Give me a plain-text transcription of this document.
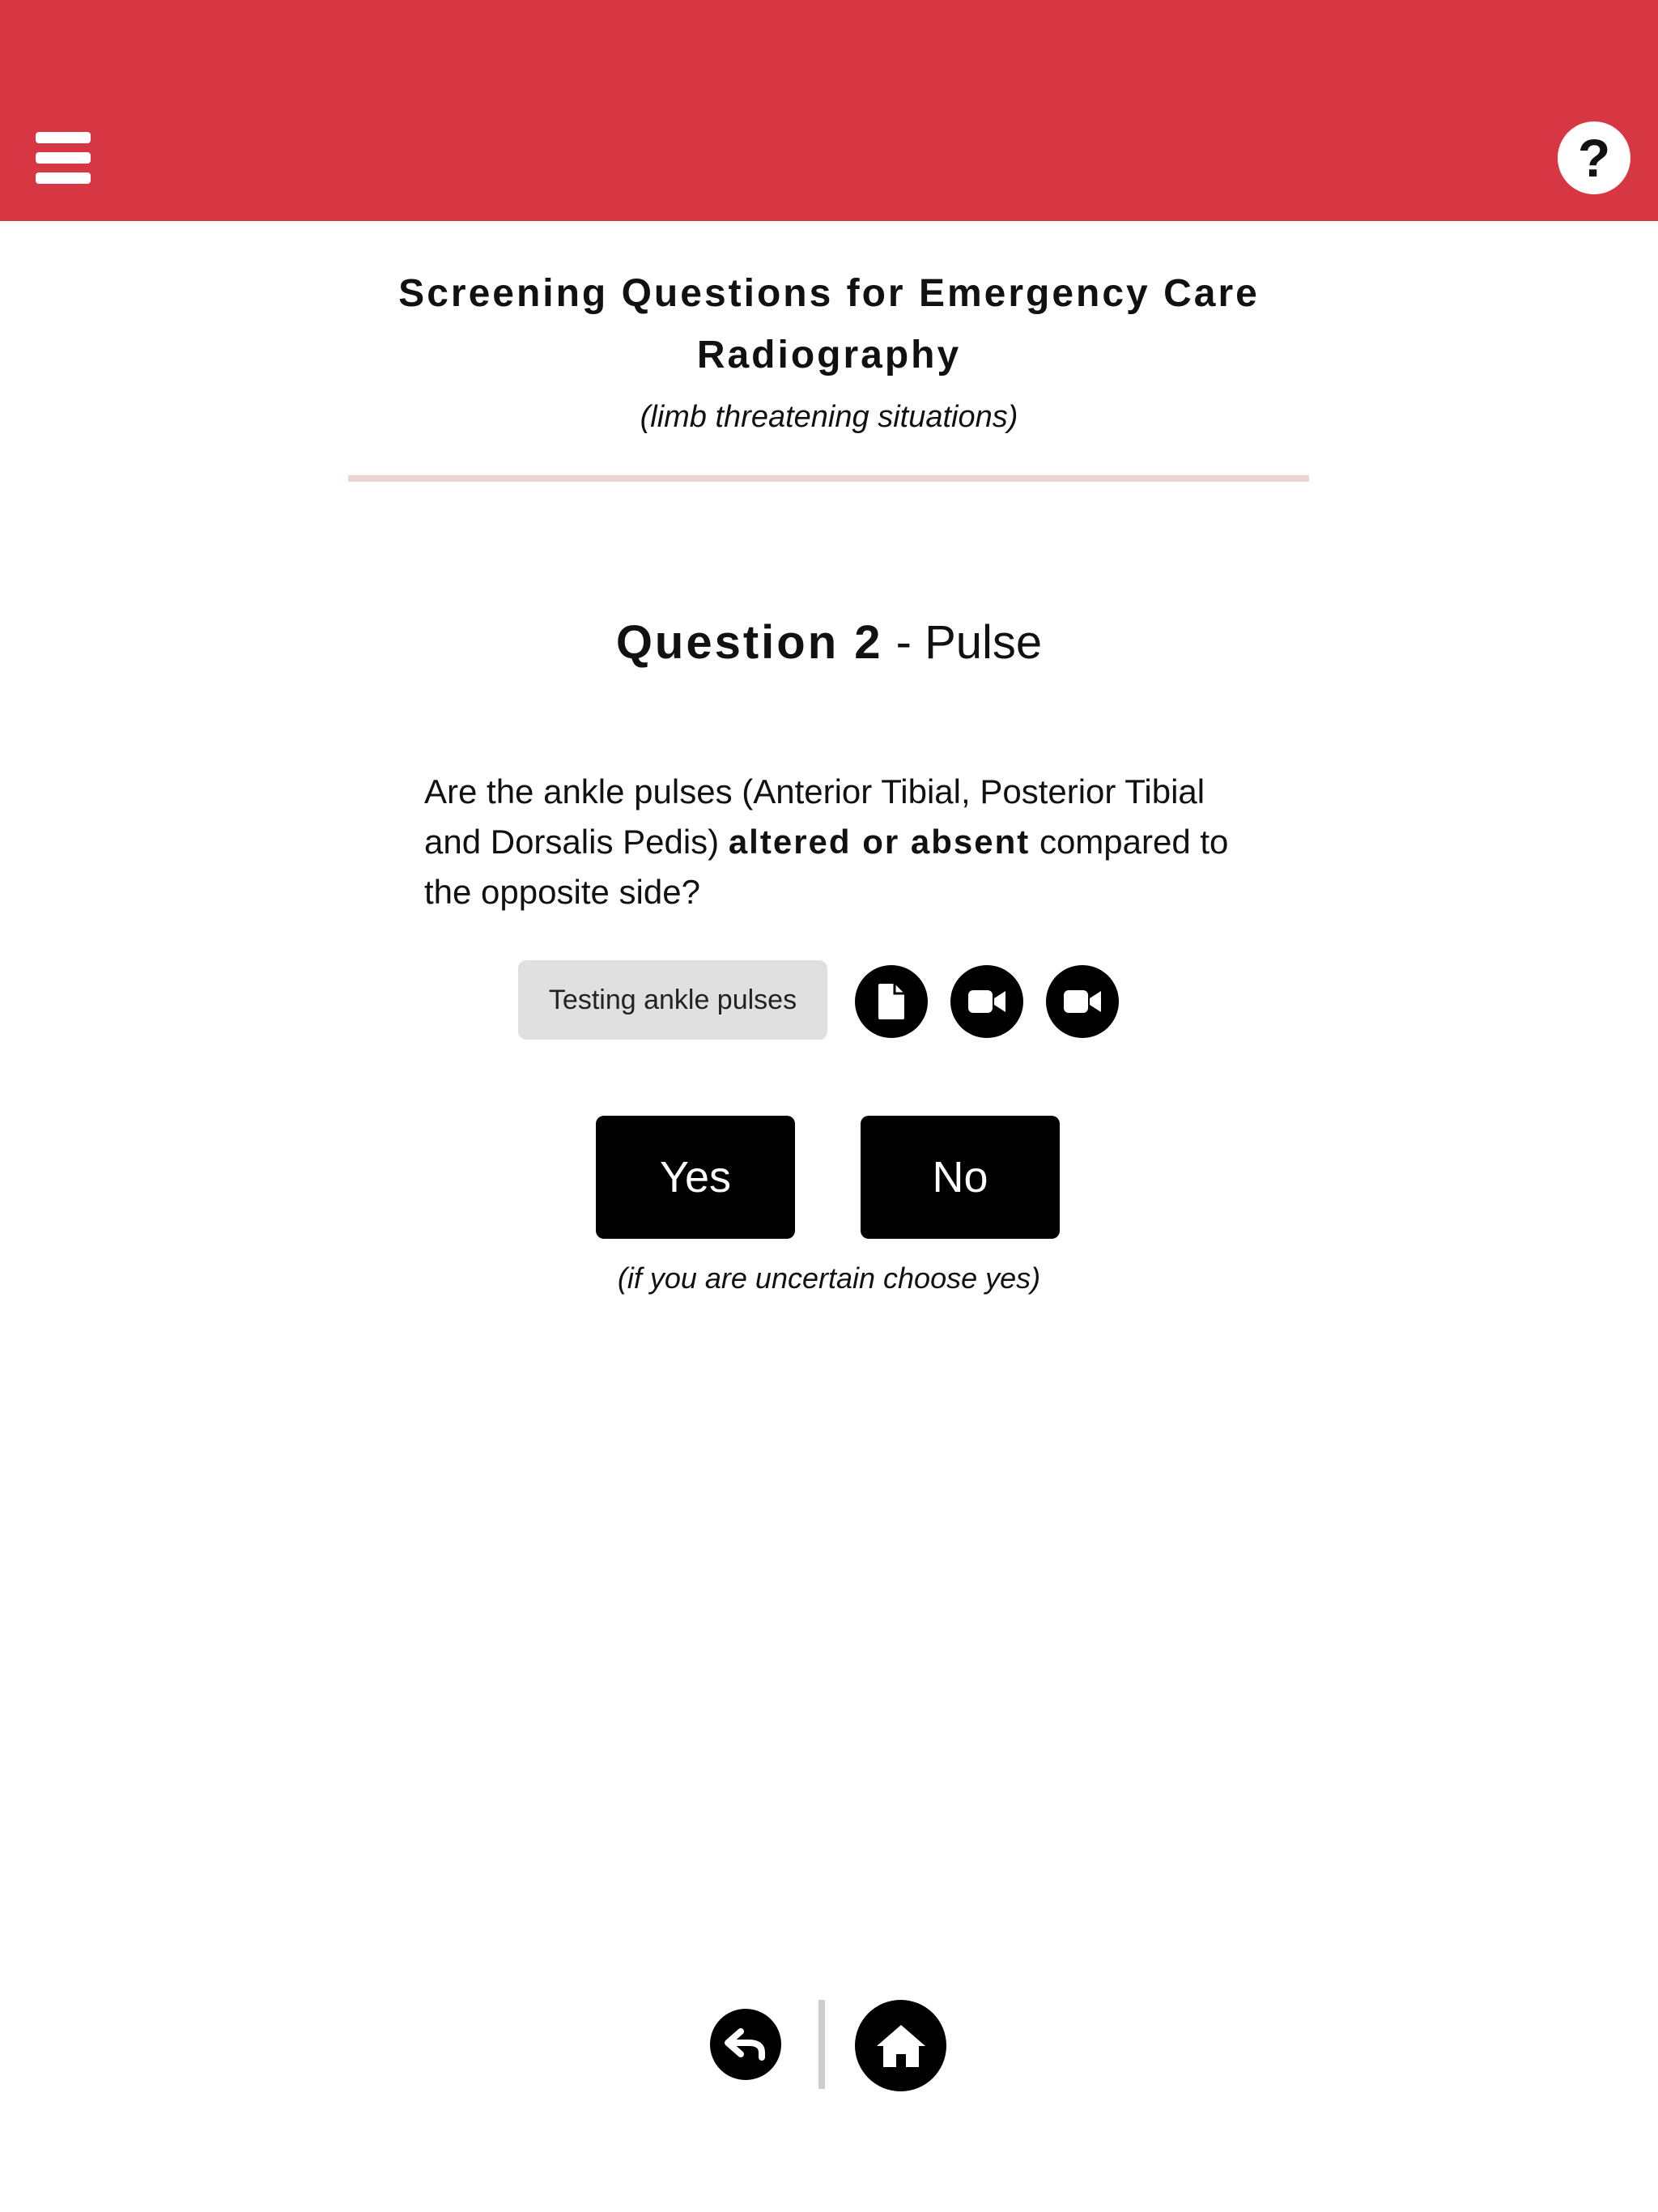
?
Screening Questions for Emergency Care Radiography
(limb threatening situations)
Question 2 - Pulse
Are the ankle pulses (Anterior Tibial, Posterior Tibial and Dorsalis Pedis) altered or absent compared to the opposite side?
Testing ankle pulses
Yes	No
(if you are uncertain choose yes)
